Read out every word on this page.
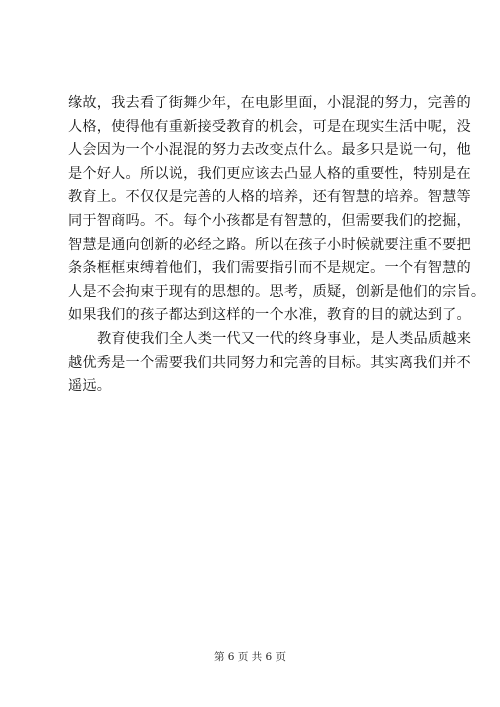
缘故，我去看了街舞少年，在电影里面，小混混的努力，完善的
人格，使得他有重新接受教育的机会，可是在现实生活中呢，没
人会因为一个小混混的努力去改变点什么。最多只是说一句，他
是个好人。所以说，我们更应该去凸显人格的重要性，特别是在
教育上。不仅仅是完善的人格的培养，还有智慧的培养。智慧等
同于智商吗。不。每个小孩都是有智慧的，但需要我们的挖掘，
智慧是通向创新的必经之路。所以在孩子小时候就要注重不要把
条条框框束缚着他们，我们需要指引而不是规定。一个有智慧的
人是不会拘束于现有的思想的。思考，质疑，创新是他们的宗旨。
如果我们的孩子都达到这样的一个水准，教育的目的就达到了。
教育使我们全人类一代又一代的终身事业，是人类品质越来
越优秀是一个需要我们共同努力和完善的目标。其实离我们并不
遥远。
第 6 页 共 6 页
